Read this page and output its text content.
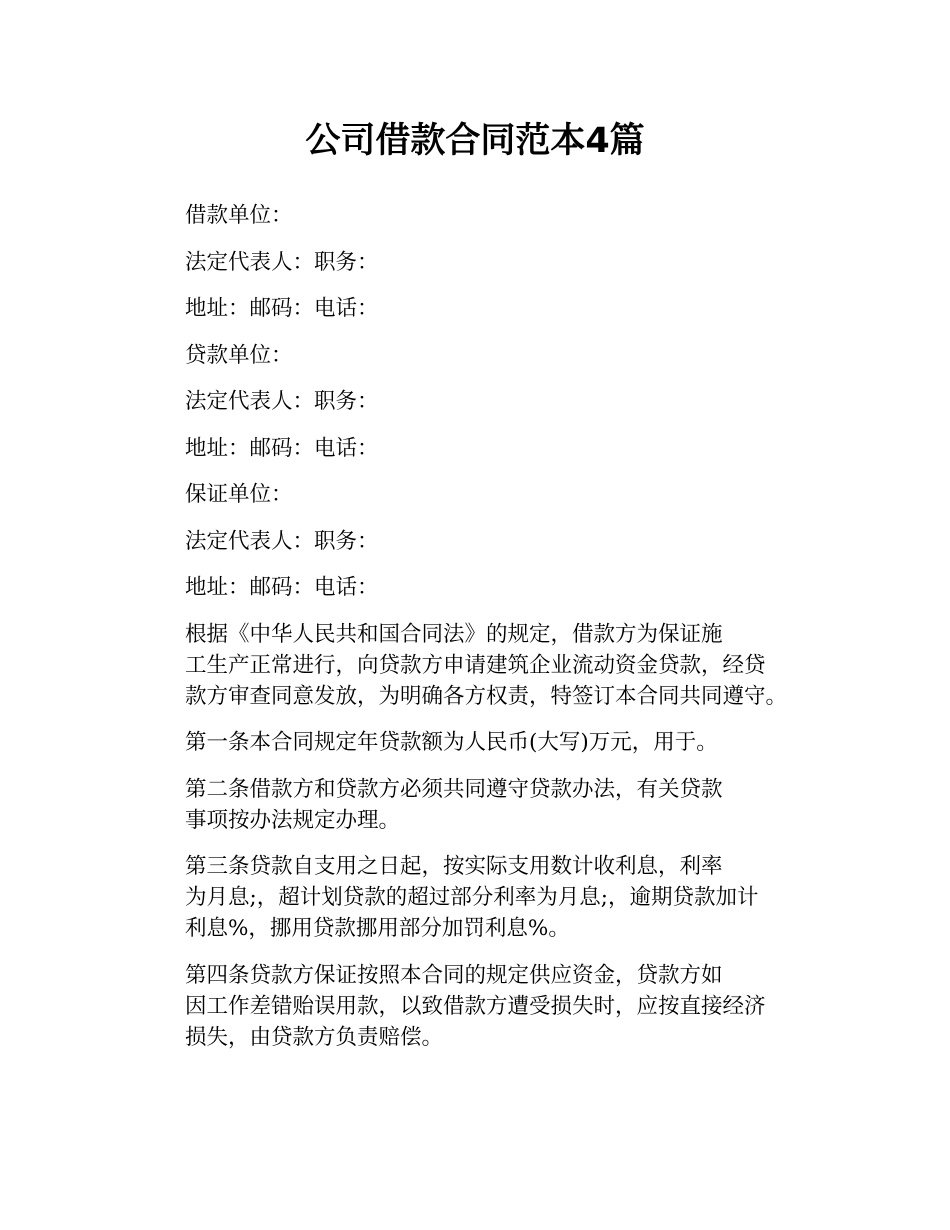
公司借款合同范本4篇

借款单位：

法定代表人：职务：

地址：邮码：电话：

贷款单位：

法定代表人：职务：

地址：邮码：电话：

保证单位：

法定代表人：职务：

地址：邮码：电话：

根据《中华人民共和国合同法》的规定，借款方为保证施
工生产正常进行，向贷款方申请建筑企业流动资金贷款，经贷
款方审查同意发放，为明确各方权责，特签订本合同共同遵守。

第一条本合同规定年贷款额为人民币(大写)万元，用于。

第二条借款方和贷款方必须共同遵守贷款办法，有关贷款
事项按办法规定办理。

第三条贷款自支用之日起，按实际支用数计收利息，利率
为月息;，超计划贷款的超过部分利率为月息;，逾期贷款加计
利息%，挪用贷款挪用部分加罚利息%。

第四条贷款方保证按照本合同的规定供应资金，贷款方如
因工作差错贻误用款，以致借款方遭受损失时，应按直接经济
损失，由贷款方负责赔偿。
